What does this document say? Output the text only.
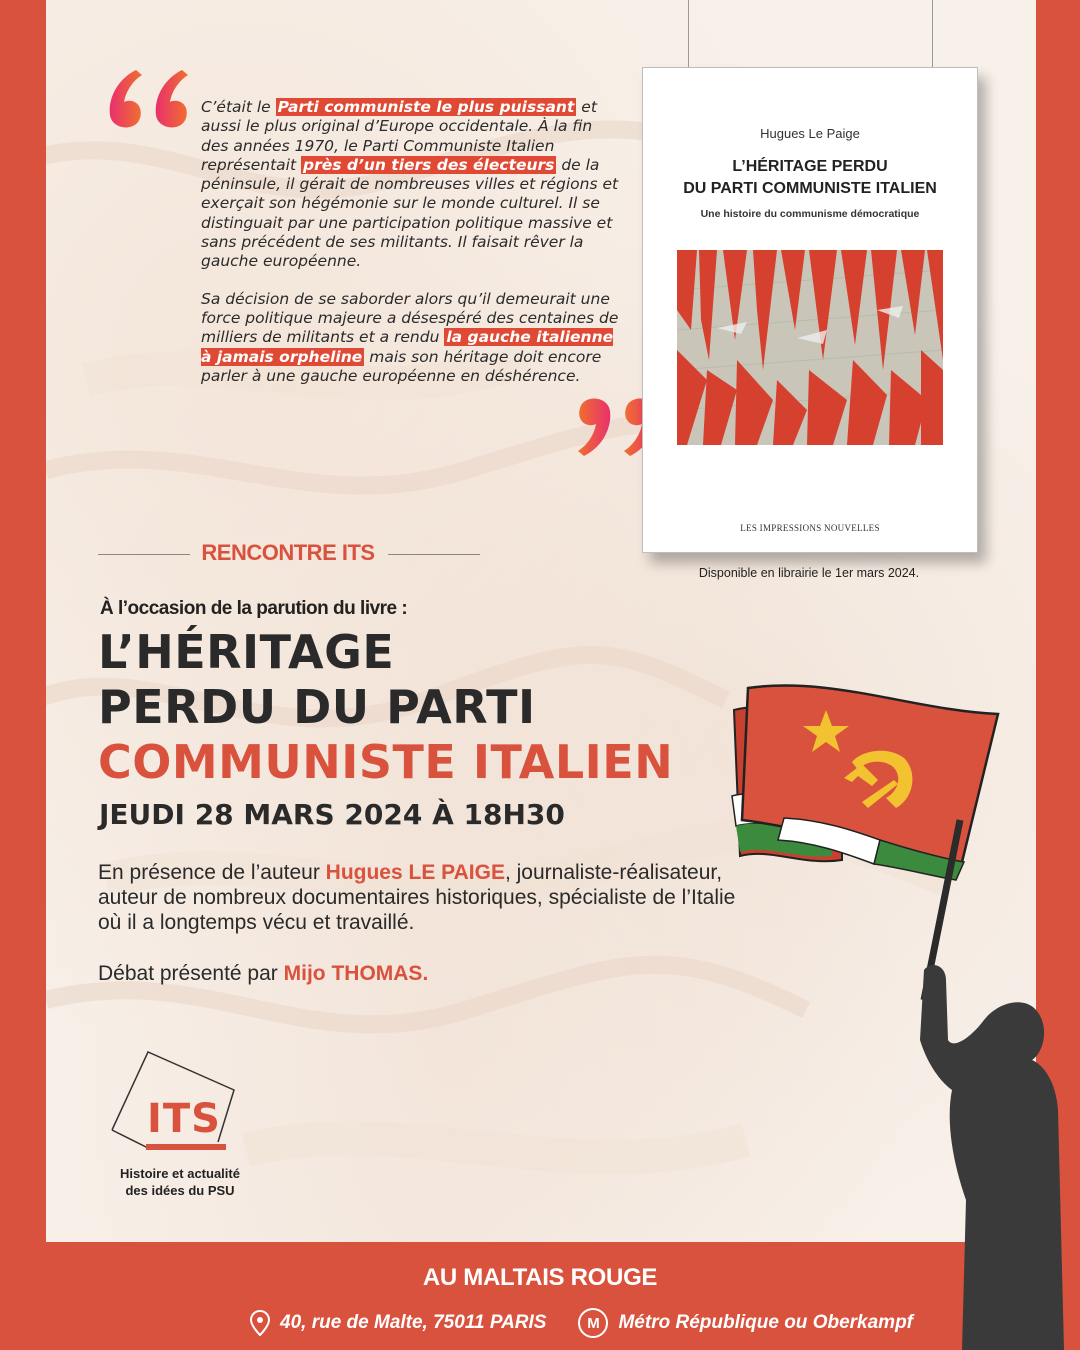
C’était le Parti communiste le plus puissant et aussi le plus original d’Europe occidentale. À la fin des années 1970, le Parti Communiste Italien représentait près d’un tiers des électeurs de la péninsule, il gérait de nombreuses villes et régions et exerçait son hégémonie sur le monde culturel. Il se distinguait par une participation politique massive et sans précédent de ses militants. Il faisait rêver la gauche européenne.

Sa décision de se saborder alors qu’il demeurait une force politique majeure a désespéré des centaines de milliers de militants et a rendu la gauche italienne à jamais orpheline mais son héritage doit encore parler à une gauche européenne en déshérence.

Hugues Le Paige
L’HÉRITAGE PERDU
DU PARTI COMMUNISTE ITALIEN
Une histoire du communisme démocratique
LES IMPRESSIONS NOUVELLES
Disponible en librairie le 1er mars 2024.
RENCONTRE ITS
À l’occasion de la parution du livre :
L’HÉRITAGE
PERDU DU PARTI
COMMUNISTE ITALIEN
JEUDI 28 MARS 2024 À 18H30
En présence de l’auteur Hugues LE PAIGE, journaliste-réalisateur, auteur de nombreux documentaires historiques, spécialiste de l’Italie où il a longtemps vécu et travaillé.
Débat présenté par Mijo THOMAS.
ITS
Histoire et actualité
des idées du PSU
AU MALTAIS ROUGE
40, rue de Malte, 75011 PARIS	M Métro République ou Oberkampf
